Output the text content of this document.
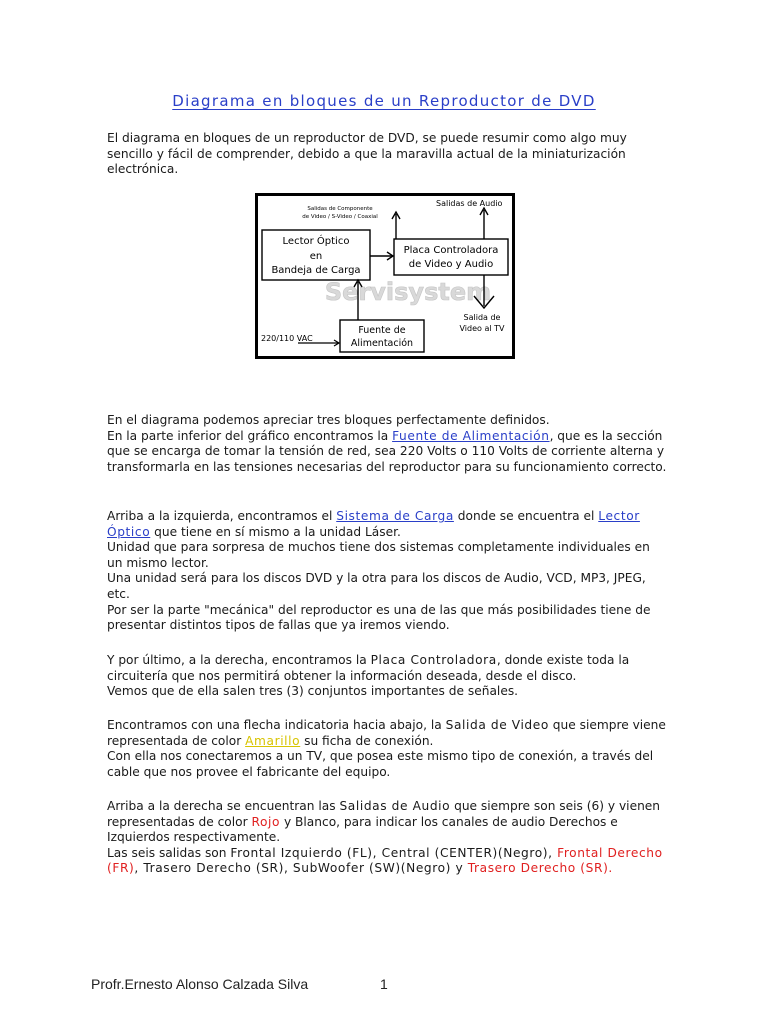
Diagrama en bloques de un Reproductor de DVD

El diagrama en bloques de un reproductor de DVD, se puede resumir como algo muy sencillo y fácil de comprender, debido a que la maravilla actual de la miniaturización electrónica.

Servisystem
Salidas de Componente
de Video / S-Video / Coaxial
Salidas de Audio
Lector Óptico
en
Bandeja de Carga
Placa Controladora
de Video y Audio
Salida de
Video al TV
Fuente de
Alimentación
220/110 VAC

En el diagrama podemos apreciar tres bloques perfectamente definidos.
En la parte inferior del gráfico encontramos la Fuente de Alimentación, que es la sección que se encarga de tomar la tensión de red, sea 220 Volts o 110 Volts de corriente alterna y transformarla en las tensiones necesarias del reproductor para su funcionamiento correcto.

Arriba a la izquierda, encontramos el Sistema de Carga donde se encuentra el Lector Óptico que tiene en sí mismo a la unidad Láser.
Unidad que para sorpresa de muchos tiene dos sistemas completamente individuales en un mismo lector.
Una unidad será para los discos DVD y la otra para los discos de Audio, VCD, MP3, JPEG, etc.
Por ser la parte "mecánica" del reproductor es una de las que más posibilidades tiene de presentar distintos tipos de fallas que ya iremos viendo.

Y por último, a la derecha, encontramos la Placa Controladora, donde existe toda la circuitería que nos permitirá obtener la información deseada, desde el disco.
Vemos que de ella salen tres (3) conjuntos importantes de señales.

Encontramos con una flecha indicatoria hacia abajo, la Salida de Video que siempre viene representada de color Amarillo su ficha de conexión.
Con ella nos conectaremos a un TV, que posea este mismo tipo de conexión, a través del cable que nos provee el fabricante del equipo.

Arriba a la derecha se encuentran las Salidas de Audio que siempre son seis (6) y vienen representadas de color Rojo y Blanco, para indicar los canales de audio Derechos e Izquierdos respectivamente.
Las seis salidas son Frontal Izquierdo (FL), Central (CENTER)(Negro), Frontal Derecho (FR), Trasero Derecho (SR), SubWoofer (SW)(Negro) y Trasero Derecho (SR).

Profr.Ernesto Alonso Calzada Silva	1
